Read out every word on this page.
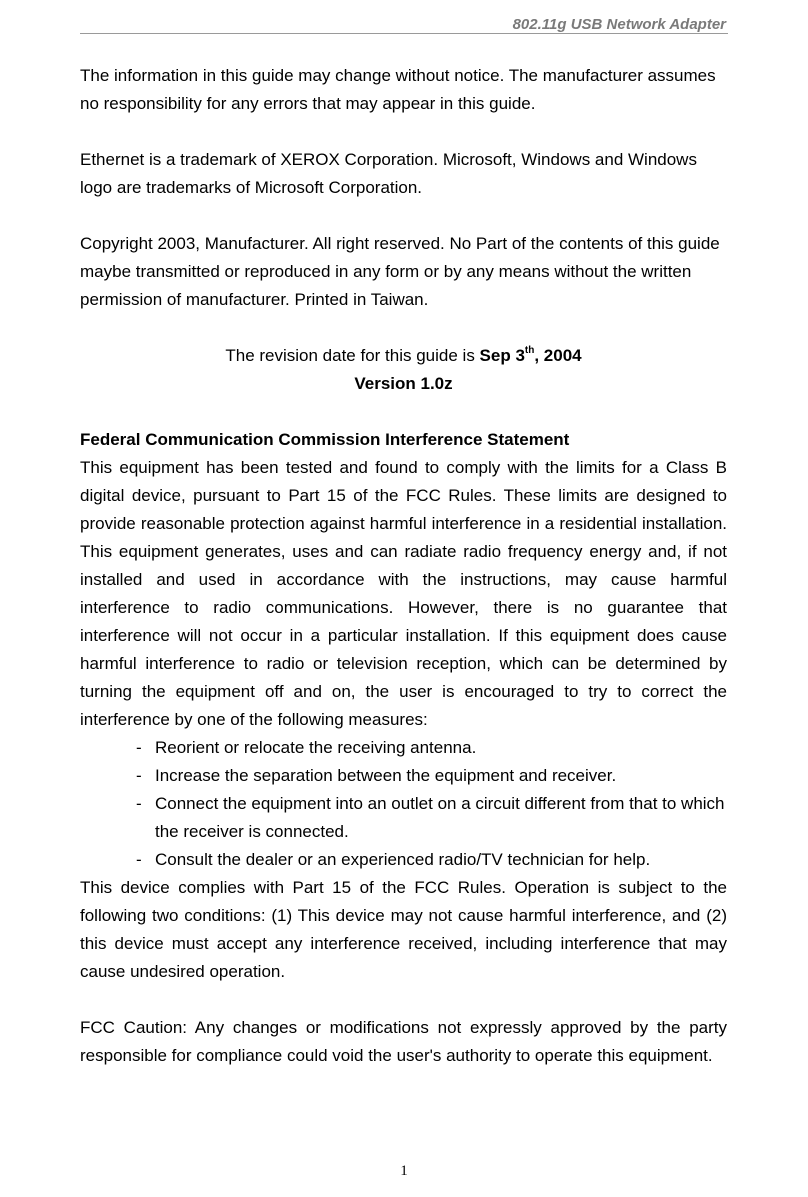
802.11g USB Network Adapter

The information in this guide may change without notice. The manufacturer assumes no responsibility for any errors that may appear in this guide.

Ethernet is a trademark of XEROX Corporation. Microsoft, Windows and Windows logo are trademarks of Microsoft Corporation.

Copyright 2003, Manufacturer. All right reserved. No Part of the contents of this guide maybe transmitted or reproduced in any form or by any means without the written permission of manufacturer. Printed in Taiwan.

The revision date for this guide is Sep 3th, 2004

Version 1.0z

Federal Communication Commission Interference Statement

This equipment has been tested and found to comply with the limits for a Class B digital device, pursuant to Part 15 of the FCC Rules. These limits are designed to provide reasonable protection against harmful interference in a residential installation. This equipment generates, uses and can radiate radio frequency energy and, if not installed and used in accordance with the instructions, may cause harmful interference to radio communications. However, there is no guarantee that interference will not occur in a particular installation. If this equipment does cause harmful interference to radio or television reception, which can be determined by turning the equipment off and on, the user is encouraged to try to correct the interference by one of the following measures:

- Reorient or relocate the receiving antenna.
- Increase the separation between the equipment and receiver.
- Connect the equipment into an outlet on a circuit different from that to which the receiver is connected.
- Consult the dealer or an experienced radio/TV technician for help.

This device complies with Part 15 of the FCC Rules. Operation is subject to the following two conditions: (1) This device may not cause harmful interference, and (2) this device must accept any interference received, including interference that may cause undesired operation.

FCC Caution: Any changes or modifications not expressly approved by the party responsible for compliance could void the user's authority to operate this equipment.

1
